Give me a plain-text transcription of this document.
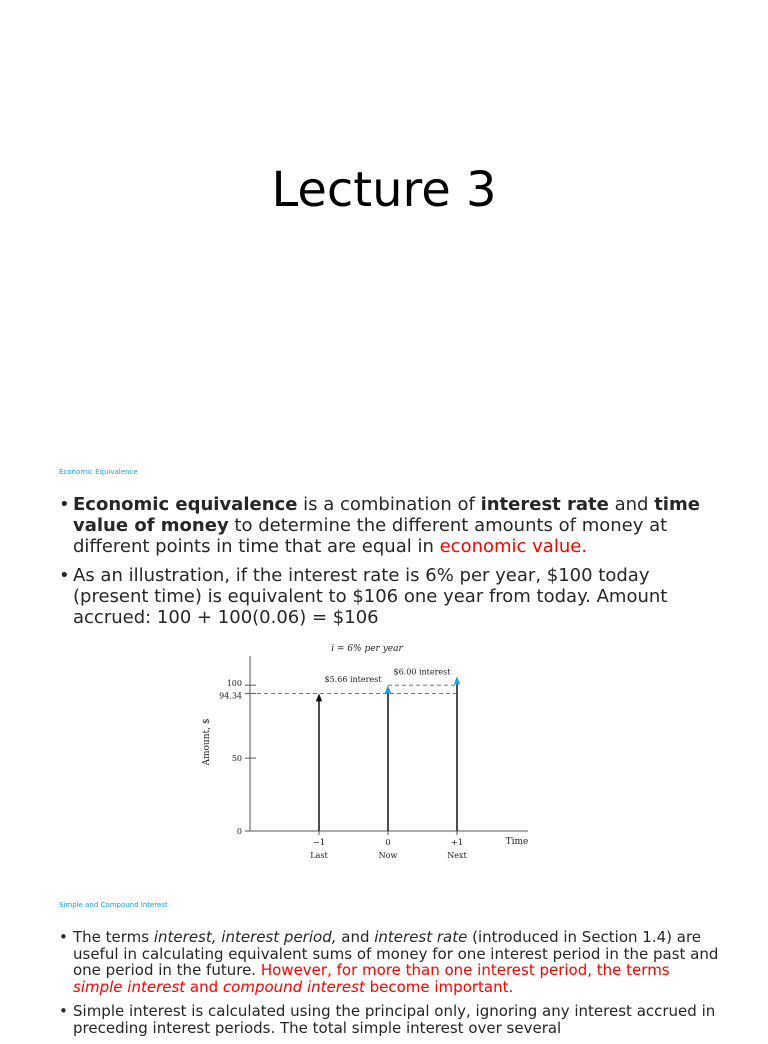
Lecture 3

Economic Equivalence

• Economic equivalence is a combination of interest rate and time value of money to determine the different amounts of money at different points in time that are equal in economic value.
• As an illustration, if the interest rate is 6% per year, $100 today (present time) is equivalent to $106 one year from today. Amount accrued: 100 + 100(0.06) = $106
i = 6% per year
Amount, $
Time
0
50
94.34
100
−1
Last
0
Now
+1
Next
$5.66 interest
$6.00 interest

Simple and Compound Interest

• The terms interest, interest period, and interest rate (introduced in Section 1.4) are useful in calculating equivalent sums of money for one interest period in the past and one period in the future. However, for more than one interest period, the terms simple interest and compound interest become important.
• Simple interest is calculated using the principal only, ignoring any interest accrued in preceding interest periods. The total simple interest over several
